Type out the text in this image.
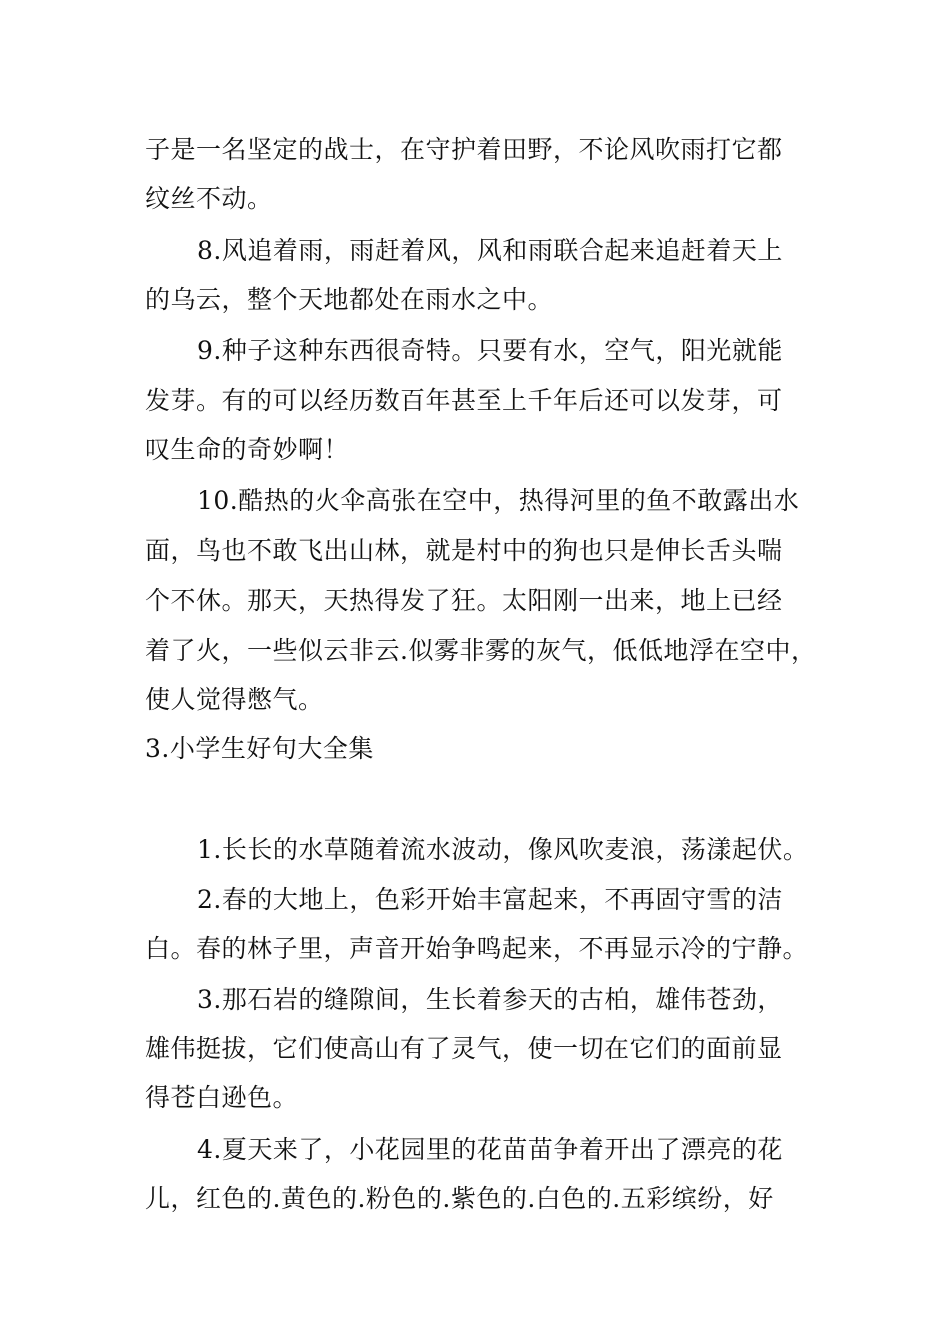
子是一名坚定的战士，在守护着田野，不论风吹雨打它都
纹丝不动。
8.风追着雨，雨赶着风，风和雨联合起来追赶着天上
的乌云，整个天地都处在雨水之中。
9.种子这种东西很奇特。只要有水，空气，阳光就能
发芽。有的可以经历数百年甚至上千年后还可以发芽，可
叹生命的奇妙啊！
10.酷热的火伞高张在空中，热得河里的鱼不敢露出水
面，鸟也不敢飞出山林，就是村中的狗也只是伸长舌头喘
个不休。那天，天热得发了狂。太阳刚一出来，地上已经
着了火，一些似云非云.似雾非雾的灰气，低低地浮在空中，
使人觉得憋气。
3.小学生好句大全集
1.长长的水草随着流水波动，像风吹麦浪，荡漾起伏。
2.春的大地上，色彩开始丰富起来，不再固守雪的洁
白。春的林子里，声音开始争鸣起来，不再显示冷的宁静。
3.那石岩的缝隙间，生长着参天的古柏，雄伟苍劲，
雄伟挺拔，它们使高山有了灵气，使一切在它们的面前显
得苍白逊色。
4.夏天来了，小花园里的花苗苗争着开出了漂亮的花
儿，红色的.黄色的.粉色的.紫色的.白色的.五彩缤纷，好
